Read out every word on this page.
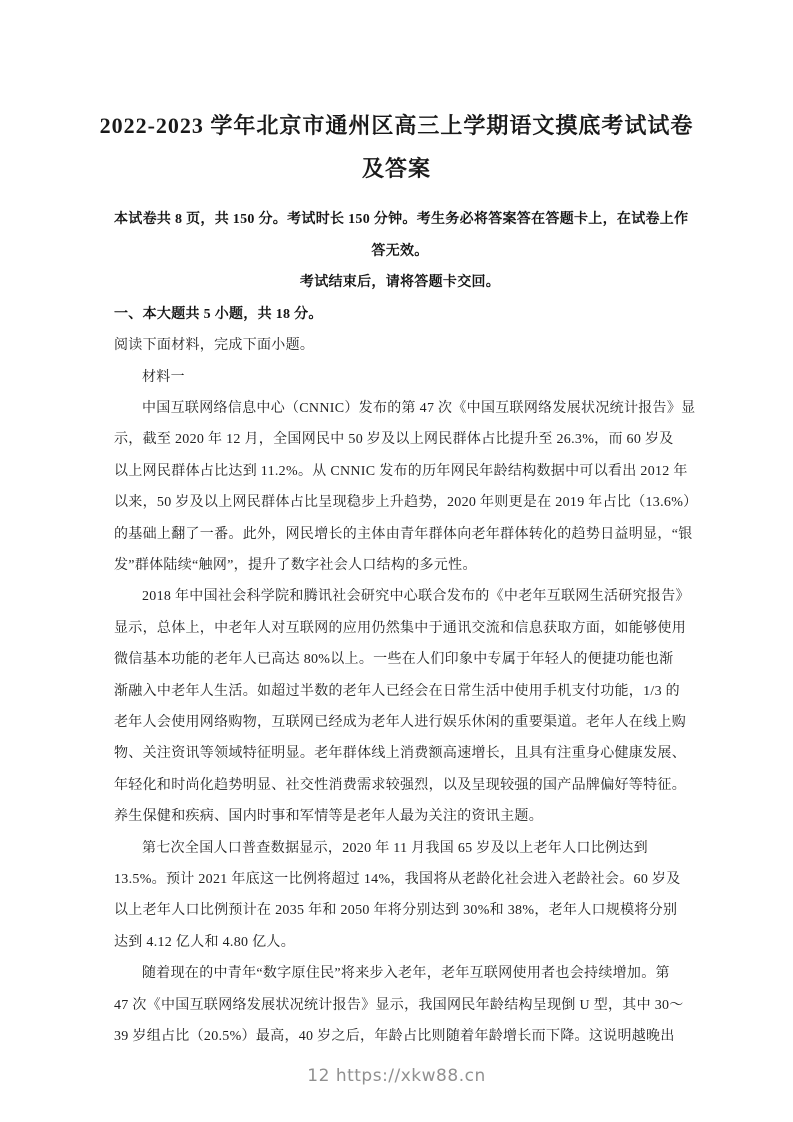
2022-2023 学年北京市通州区高三上学期语文摸底考试试卷
及答案
本试卷共 8 页，共 150 分。考试时长 150 分钟。考生务必将答案答在答题卡上，在试卷上作
答无效。
考试结束后，请将答题卡交回。
一、本大题共 5 小题，共 18 分。
阅读下面材料，完成下面小题。
材料一
中国互联网络信息中心（CNNIC）发布的第 47 次《中国互联网络发展状况统计报告》显
示，截至 2020 年 12 月，全国网民中 50 岁及以上网民群体占比提升至 26.3%，而 60 岁及
以上网民群体占比达到 11.2%。从 CNNIC 发布的历年网民年龄结构数据中可以看出 2012 年
以来，50 岁及以上网民群体占比呈现稳步上升趋势，2020 年则更是在 2019 年占比（13.6%）
的基础上翻了一番。此外，网民增长的主体由青年群体向老年群体转化的趋势日益明显，“银
发”群体陆续“触网”，提升了数字社会人口结构的多元性。
2018 年中国社会科学院和腾讯社会研究中心联合发布的《中老年互联网生活研究报告》
显示，总体上，中老年人对互联网的应用仍然集中于通讯交流和信息获取方面，如能够使用
微信基本功能的老年人已高达 80%以上。一些在人们印象中专属于年轻人的便捷功能也渐
渐融入中老年人生活。如超过半数的老年人已经会在日常生活中使用手机支付功能，1/3 的
老年人会使用网络购物，互联网已经成为老年人进行娱乐休闲的重要渠道。老年人在线上购
物、关注资讯等领域特征明显。老年群体线上消费额高速增长，且具有注重身心健康发展、
年轻化和时尚化趋势明显、社交性消费需求较强烈，以及呈现较强的国产品牌偏好等特征。
养生保健和疾病、国内时事和军情等是老年人最为关注的资讯主题。
第七次全国人口普查数据显示，2020 年 11 月我国 65 岁及以上老年人口比例达到
13.5%。预计 2021 年底这一比例将超过 14%，我国将从老龄化社会进入老龄社会。60 岁及
以上老年人口比例预计在 2035 年和 2050 年将分别达到 30%和 38%，老年人口规模将分别
达到 4.12 亿人和 4.80 亿人。
随着现在的中青年“数字原住民”将来步入老年，老年互联网使用者也会持续增加。第
47 次《中国互联网络发展状况统计报告》显示，我国网民年龄结构呈现倒 U 型，其中 30～
39 岁组占比（20.5%）最高，40 岁之后，年龄占比则随着年龄增长而下降。这说明越晚出
12 https://xkw88.cn
